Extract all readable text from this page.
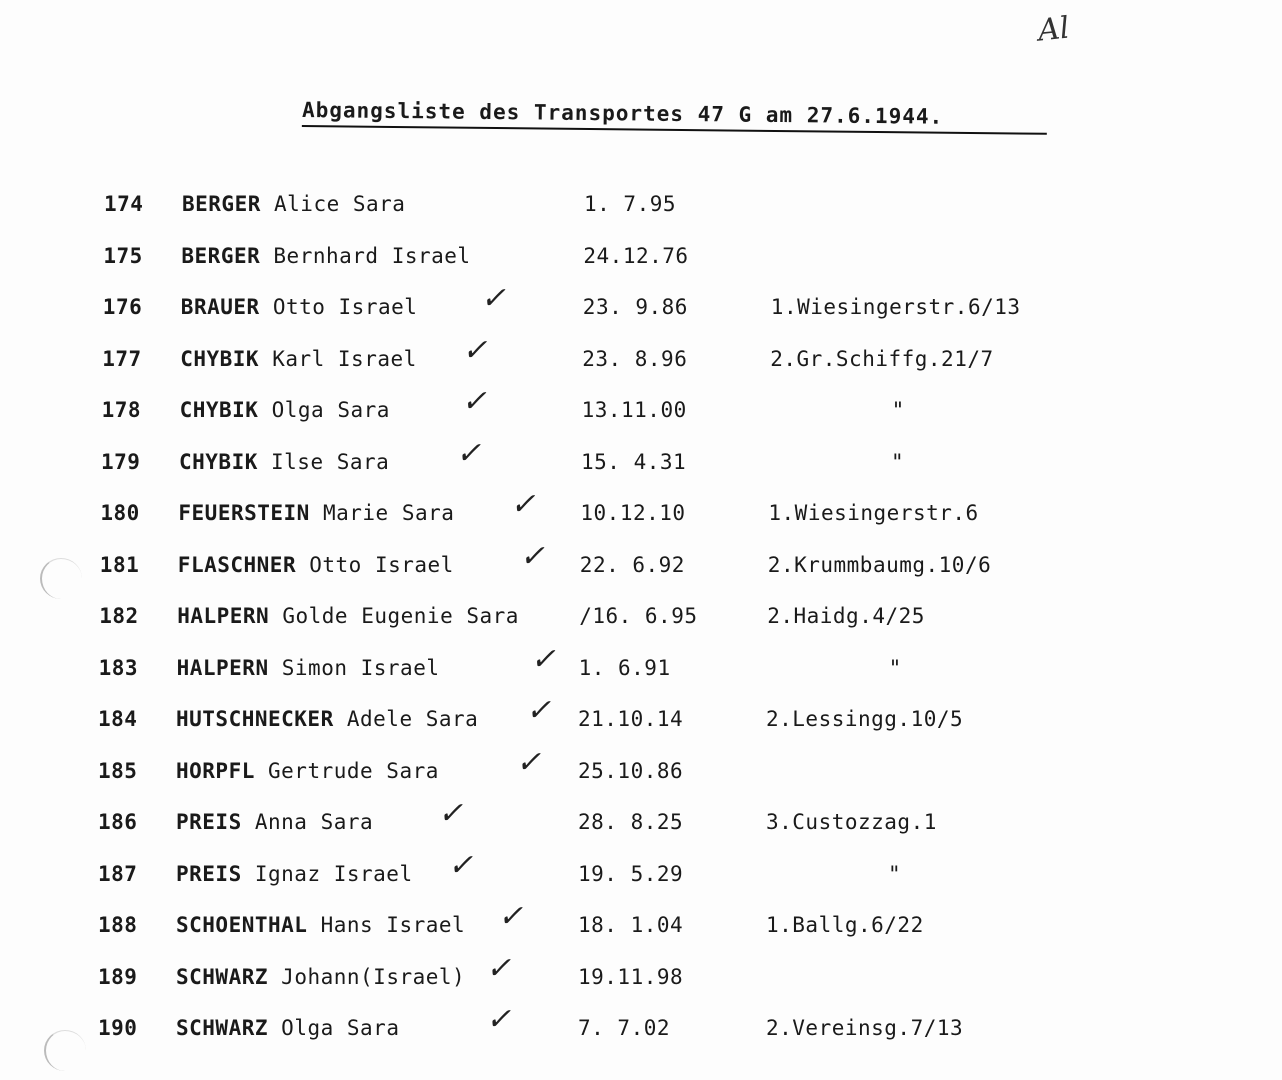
Al
Abgangsliste des Transportes 47 G am 27.6.1944.
174 BERGER Alice Sara	1. 7.95
175 BERGER Bernhard Israel	24.12.76
176 BRAUER Otto Israel	23. 9.86	1.Wiesingerstr.6/13
✓
177 CHYBIK Karl Israel	23. 8.96	2.Gr.Schiffg.21/7
✓
178 CHYBIK Olga Sara	13.11.00	"
✓
179 CHYBIK Ilse Sara	15. 4.31	"
✓
180 FEUERSTEIN Marie Sara	10.12.10	1.Wiesingerstr.6
✓
181 FLASCHNER Otto Israel	22. 6.92	2.Krummbaumg.10/6
✓
182 HALPERN Golde Eugenie Sara	/16. 6.95	2.Haidg.4/25
183 HALPERN Simon Israel	1. 6.91	"
✓
184 HUTSCHNECKER Adele Sara	21.10.14	2.Lessingg.10/5
✓
185 HORPFL Gertrude Sara	25.10.86
✓
186 PREIS Anna Sara	28. 8.25	3.Custozzag.1
✓
187 PREIS Ignaz Israel	19. 5.29	"
✓
188 SCHOENTHAL Hans Israel	18. 1.04	1.Ballg.6/22
✓
189 SCHWARZ Johann(Israel)	19.11.98
✓
190 SCHWARZ Olga Sara	7. 7.02	2.Vereinsg.7/13
✓
